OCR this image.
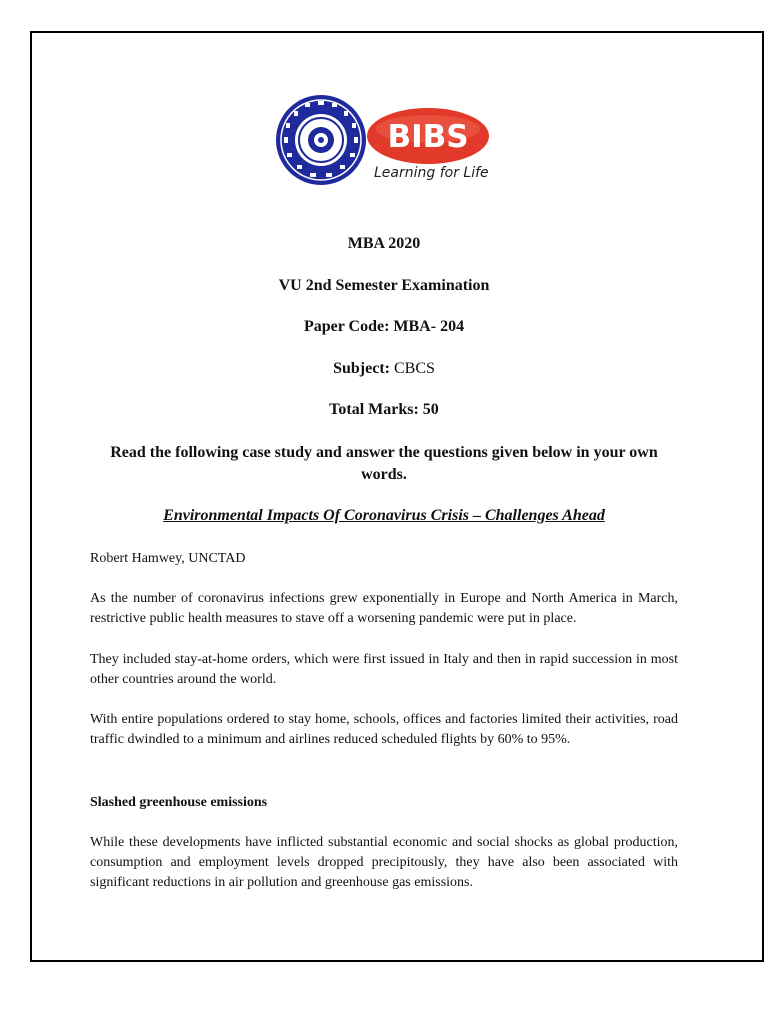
BIBS
Learning for Life

MBA 2020

VU 2nd Semester Examination

Paper Code: MBA- 204

Subject: CBCS

Total Marks: 50

Read the following case study and answer the questions given below in your own words.

Environmental Impacts Of Coronavirus Crisis – Challenges Ahead

Robert Hamwey, UNCTAD

As the number of coronavirus infections grew exponentially in Europe and North America in March, restrictive public health measures to stave off a worsening pandemic were put in place.

They included stay-at-home orders, which were first issued in Italy and then in rapid succession in most other countries around the world.

With entire populations ordered to stay home, schools, offices and factories limited their activities, road traffic dwindled to a minimum and airlines reduced scheduled flights by 60% to 95%.

Slashed greenhouse emissions

While these developments have inflicted substantial economic and social shocks as global production, consumption and employment levels dropped precipitously, they have also been associated with significant reductions in air pollution and greenhouse gas emissions.
